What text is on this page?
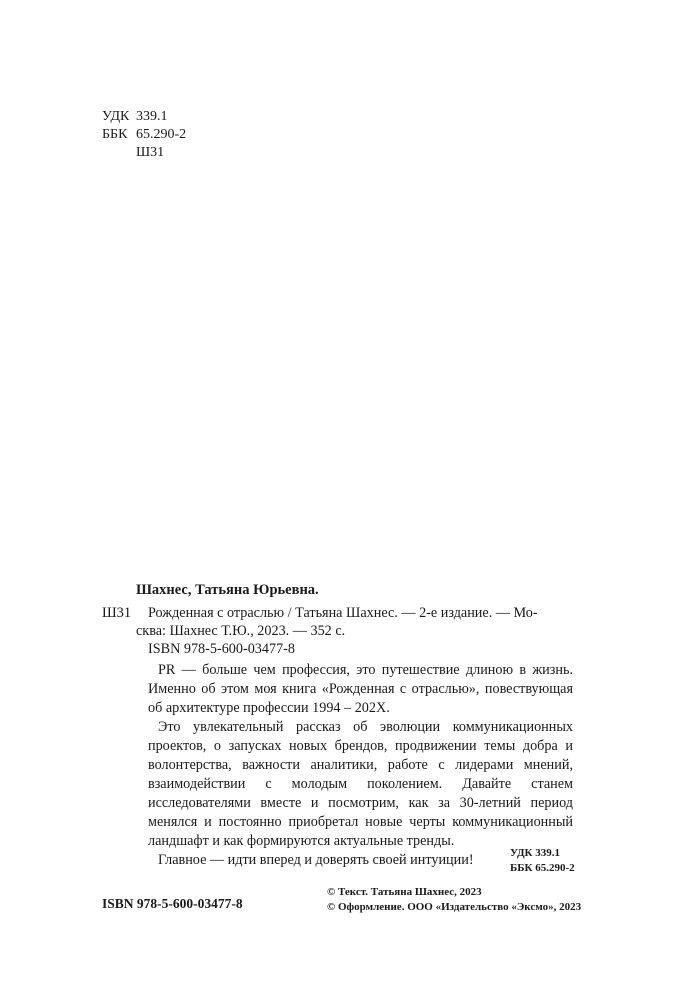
УДК 339.1
ББК 65.290-2
Ш31
Шахнес, Татьяна Юрьевна.
Ш31 Рожденная с отраслью / Татьяна Шахнес. — 2-е издание. — Мо-
сква: Шахнес Т.Ю., 2023. — 352 с.
ISBN 978-5-600-03477-8

PR — больше чем профессия, это путешествие длиною в жизнь. Именно об этом моя книга «Рожденная с отраслью», повествующая об архитектуре профессии 1994 – 202Х.

Это увлекательный рассказ об эволюции коммуникационных проектов, о запусках новых брендов, продвижении темы добра и волонтерства, важности аналитики, работе с лидерами мнений, взаимодействии с молодым поколением. Давайте станем исследователями вместе и посмотрим, как за 30-летний период менялся и постоянно приобретал новые черты коммуникационный ландшафт и как формируются актуальные тренды.

Главное — идти вперед и доверять своей интуиции!	УДК 339.1
ББК 65.290-2
ISBN 978-5-600-03477-8
© Текст. Татьяна Шахнес, 2023
© Оформление. ООО «Издательство «Эксмо», 2023
